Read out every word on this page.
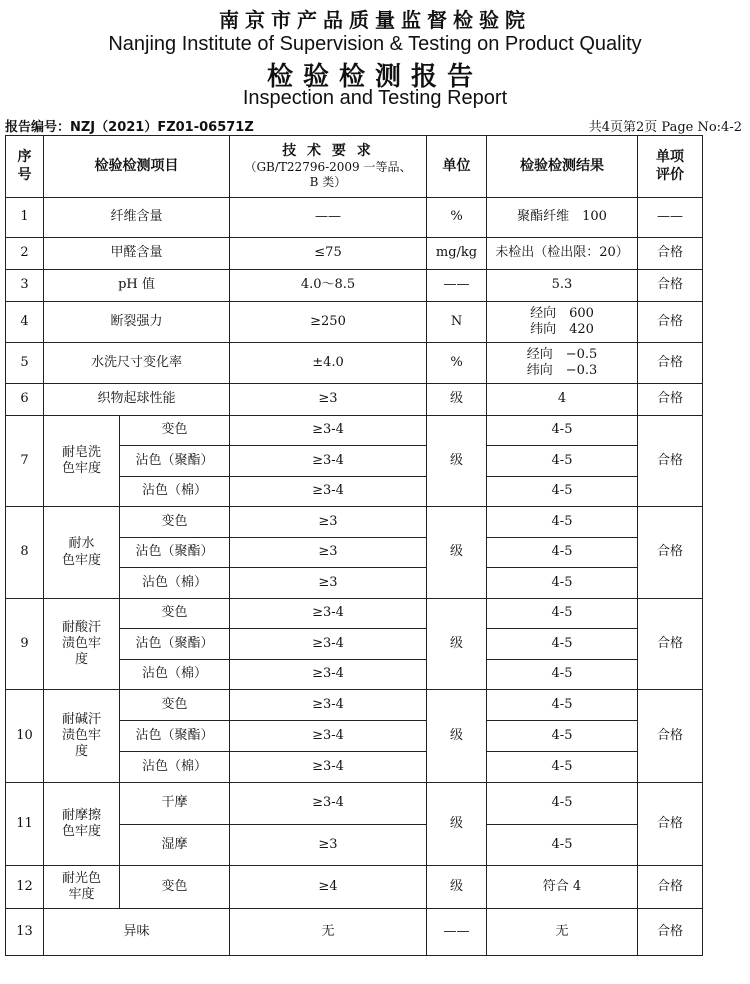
南京市产品质量监督检验院
Nanjing Institute of Supervision & Testing on Product Quality
检验检测报告
Inspection and Testing Report
报告编号：NZJ（2021）FZ01-06571Z	共4页第2页 Page No:4-2
序
号	检验检测项目		技 术 要 求
（GB/T22796-2009 一等品、
B 类）	单位	检验检测结果	单项
评价

1	纤维含量		——	%	聚酯纤维　100	——
2	甲醛含量		≤75	mg/kg	未检出（检出限：20）	合格
3	pH 值		4.0～8.5	——	5.3	合格
4	断裂强力		≥250	N	经向　600
纬向　420	合格
5	水洗尺寸变化率		±4.0	%	经向　−0.5
纬向　−0.3	合格
6	织物起球性能		≥3	级	4	合格
7	耐皂洗
色牢度	变色	≥3-4	级	4-5	合格
		沾色（聚酯）	≥3-4		4-5	
		沾色（棉）	≥3-4		4-5	
8	耐水
色牢度	变色	≥3	级	4-5	合格
		沾色（聚酯）	≥3		4-5	
		沾色（棉）	≥3		4-5	
9	耐酸汗
渍色牢
度	变色	≥3-4	级	4-5	合格
		沾色（聚酯）	≥3-4		4-5	
		沾色（棉）	≥3-4		4-5	
10	耐碱汗
渍色牢
度	变色	≥3-4	级	4-5	合格
		沾色（聚酯）	≥3-4		4-5	
		沾色（棉）	≥3-4		4-5	
11	耐摩擦
色牢度	干摩	≥3-4	级	4-5	合格
		湿摩	≥3		4-5	
12	耐光色
牢度	变色	≥4	级	符合 4	合格
13	异味		无	——	无	合格
